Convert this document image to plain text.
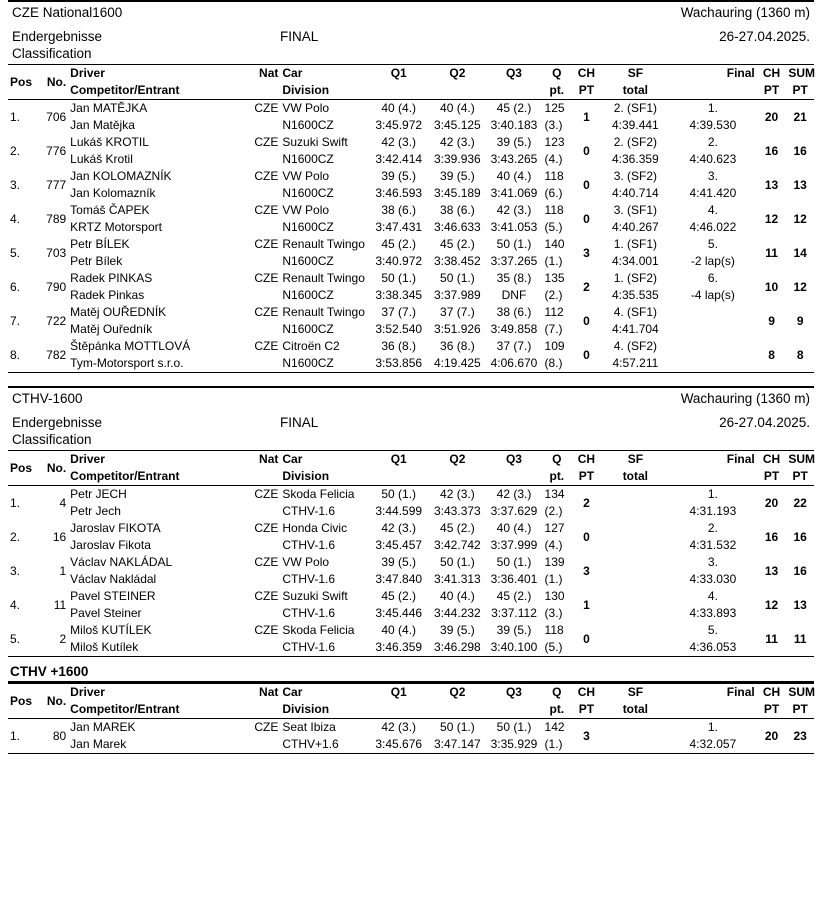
CZE National1600	Wachauring (1360 m)
Endergebnisse
Classification
FINAL	26-27.04.2025.
Pos	No.	Driver	Nat	Car	Q1	Q2	Q3	Q	CH	SF	Final	CH	SUM
		Competitor/Entrant		Division				pt.	PT	total		PT	PT
1.	706	Jan MATĚJKA	CZE	VW Polo	40 (4.)	40 (4.)	45 (2.)	125	1	2. (SF1)	1.	20	21
		Jan Matějka		N1600CZ	3:45.972	3:45.125	3:40.183	(3.)		4:39.441	4:39.530		
2.	776	Lukáš KROTIL	CZE	Suzuki Swift	42 (3.)	42 (3.)	39 (5.)	123	0	2. (SF2)	2.	16	16
		Lukáš Krotil		N1600CZ	3:42.414	3:39.936	3:43.265	(4.)		4:36.359	4:40.623		
3.	777	Jan KOLOMAZNÍK	CZE	VW Polo	39 (5.)	39 (5.)	40 (4.)	118	0	3. (SF2)	3.	13	13
		Jan Kolomazník		N1600CZ	3:46.593	3:45.189	3:41.069	(6.)		4:40.714	4:41.420		
4.	789	Tomáš ČAPEK	CZE	VW Polo	38 (6.)	38 (6.)	42 (3.)	118	0	3. (SF1)	4.	12	12
		KRTZ Motorsport		N1600CZ	3:47.431	3:46.633	3:41.053	(5.)		4:40.267	4:46.022		
5.	703	Petr BÍLEK	CZE	Renault Twingo	45 (2.)	45 (2.)	50 (1.)	140	3	1. (SF1)	5.	11	14
		Petr Bílek		N1600CZ	3:40.972	3:38.452	3:37.265	(1.)		4:34.001	-2 lap(s)		
6.	790	Radek PINKAS	CZE	Renault Twingo	50 (1.)	50 (1.)	35 (8.)	135	2	1. (SF2)	6.	10	12
		Radek Pinkas		N1600CZ	3:38.345	3:37.989	DNF	(2.)		4:35.535	-4 lap(s)		
7.	722	Matěj OUŘEDNÍK	CZE	Renault Twingo	37 (7.)	37 (7.)	38 (6.)	112	0	4. (SF1)		9	9
		Matěj Ouředník		N1600CZ	3:52.540	3:51.926	3:49.858	(7.)		4:41.704			
8.	782	Štěpánka MOTTLOVÁ	CZE	Citroën C2	36 (8.)	36 (8.)	37 (7.)	109	0	4. (SF2)		8	8
		Tym-Motorsport s.r.o.		N1600CZ	3:53.856	4:19.425	4:06.670	(8.)		4:57.211			
CTHV-1600	Wachauring (1360 m)
Endergebnisse
Classification
FINAL	26-27.04.2025.
Pos	No.	Driver	Nat	Car	Q1	Q2	Q3	Q	CH	SF	Final	CH	SUM
		Competitor/Entrant		Division				pt.	PT	total		PT	PT
1.	4	Petr JECH	CZE	Skoda Felicia	50 (1.)	42 (3.)	42 (3.)	134	2		1.	20	22
		Petr Jech		CTHV-1.6	3:44.599	3:43.373	3:37.629	(2.)			4:31.193		
2.	16	Jaroslav FIKOTA	CZE	Honda Civic	42 (3.)	45 (2.)	40 (4.)	127	0		2.	16	16
		Jaroslav Fikota		CTHV-1.6	3:45.457	3:42.742	3:37.999	(4.)			4:31.532		
3.	1	Václav NAKLÁDAL	CZE	VW Polo	39 (5.)	50 (1.)	50 (1.)	139	3		3.	13	16
		Václav Nakládal		CTHV-1.6	3:47.840	3:41.313	3:36.401	(1.)			4:33.030		
4.	11	Pavel STEINER	CZE	Suzuki Swift	45 (2.)	40 (4.)	45 (2.)	130	1		4.	12	13
		Pavel Steiner		CTHV-1.6	3:45.446	3:44.232	3:37.112	(3.)			4:33.893		
5.	2	Miloš KUTÍLEK	CZE	Skoda Felicia	40 (4.)	39 (5.)	39 (5.)	118	0		5.	11	11
		Miloš Kutílek		CTHV-1.6	3:46.359	3:46.298	3:40.100	(5.)			4:36.053		
CTHV +1600
Pos	No.	Driver	Nat	Car	Q1	Q2	Q3	Q	CH	SF	Final	CH	SUM
		Competitor/Entrant		Division				pt.	PT	total		PT	PT
1.	80	Jan MAREK	CZE	Seat Ibiza	42 (3.)	50 (1.)	50 (1.)	142	3		1.	20	23
		Jan Marek		CTHV+1.6	3:45.676	3:47.147	3:35.929	(1.)			4:32.057		
